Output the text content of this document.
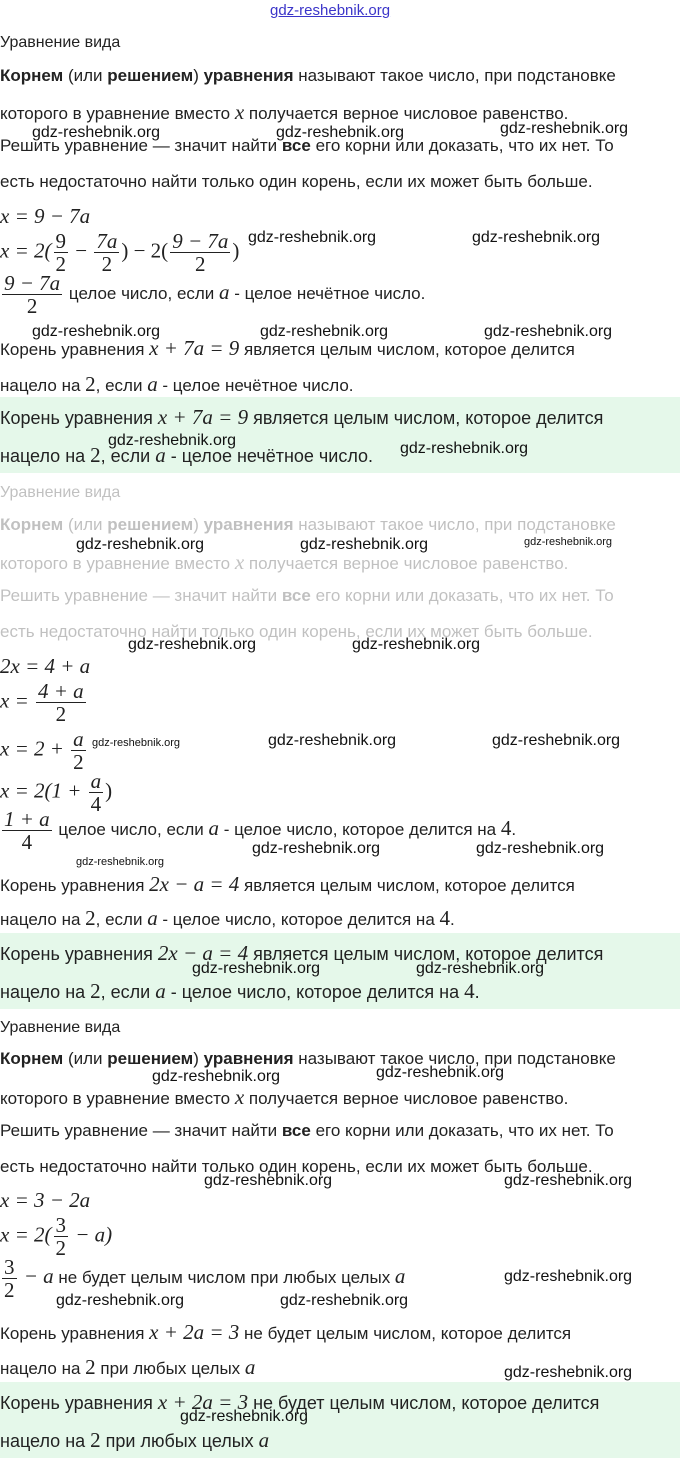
gdz-reshebnik.org
Уравнение вида
Корнем (или решением) уравнения называют такое число, при подстановке
которого в уравнение вместо x получается верное числовое равенство.
Решить уравнение — значит найти все его корни или доказать, что их нет. То
есть недостаточно найти только один корень, если их может быть больше.
x = 9 − 7a
$x = 2( \frac{9}{2} - \frac{7a}{2}$ ) − $2( \frac{9 - 7a}{2}$ )
$\frac{9 - 7a}{2}$ целое число, если a - целое нечётное число.
Корень уравнения x + 7a = 9 является целым числом, которое делится
нацело на 2, если a - целое нечётное число.
Корень уравнения x + 7a = 9 является целым числом, которое делится
нацело на 2, если a - целое нечётное число.
Уравнение вида
Корнем (или решением) уравнения называют такое число, при подстановке
которого в уравнение вместо x получается верное числовое равенство.
Решить уравнение — значит найти все его корни или доказать, что их нет. То
есть недостаточно найти только один корень, если их может быть больше.
2x = 4 + a
$x = \frac{4 + a}{2}$
$x = 2 + \frac{a}{2}$
$x = 2(1 + \frac{a}{4}$ )
$\frac{1 + a}{4}$ целое число, если a - целое число, которое делится на 4.
Корень уравнения 2x − a = 4 является целым числом, которое делится
нацело на 2, если a - целое число, которое делится на 4.
Корень уравнения 2x − a = 4 является целым числом, которое делится
нацело на 2, если a - целое число, которое делится на 4.
Уравнение вида
Корнем (или решением) уравнения называют такое число, при подстановке
которого в уравнение вместо x получается верное числовое равенство.
Решить уравнение — значит найти все его корни или доказать, что их нет. То
есть недостаточно найти только один корень, если их может быть больше.
x = 3 − 2a
$x = 2( \frac{3}{2} - a)$
$\frac{3}{2} - a$ не будет целым числом при любых целых a
Корень уравнения x + 2a = 3 не будет целым числом, которое делится
нацело на 2 при любых целых a
Корень уравнения x + 2a = 3 не будет целым числом, которое делится
нацело на 2 при любых целых a
gdz-reshebnik.org	gdz-reshebnik.org	gdz-reshebnik.org
gdz-reshebnik.org	gdz-reshebnik.org
gdz-reshebnik.org	gdz-reshebnik.org	gdz-reshebnik.org
gdz-reshebnik.org	gdz-reshebnik.org
gdz-reshebnik.org	gdz-reshebnik.org	gdz-reshebnik.org
gdz-reshebnik.org	gdz-reshebnik.org
gdz-reshebnik.org	gdz-reshebnik.org	gdz-reshebnik.org
gdz-reshebnik.org	gdz-reshebnik.org
gdz-reshebnik.org
gdz-reshebnik.org	gdz-reshebnik.org
gdz-reshebnik.org	gdz-reshebnik.org
gdz-reshebnik.org	gdz-reshebnik.org
gdz-reshebnik.org
gdz-reshebnik.org	gdz-reshebnik.org
gdz-reshebnik.org
gdz-reshebnik.org
